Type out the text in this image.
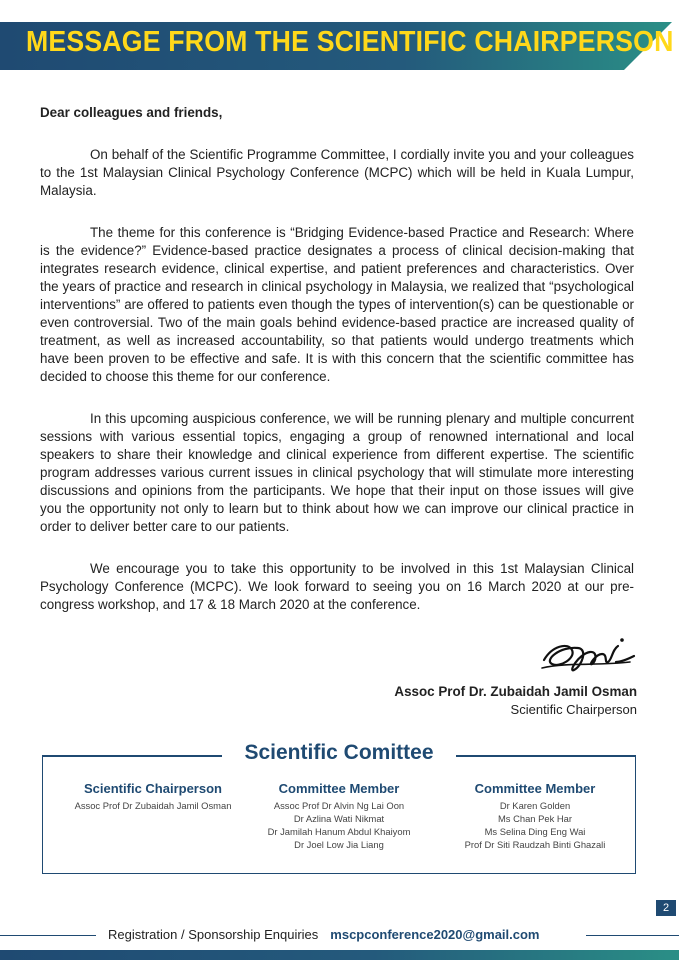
MESSAGE FROM THE SCIENTIFIC CHAIRPERSON

Dear colleagues and friends,

On behalf of the Scientific Programme Committee, I cordially invite you and your colleagues to the 1st Malaysian Clinical Psychology Conference (MCPC) which will be held in Kuala Lumpur, Malaysia.

The theme for this conference is “Bridging Evidence-based Practice and Research: Where is the evidence?” Evidence-based practice designates a process of clinical decision-making that integrates research evidence, clinical expertise, and patient preferences and characteristics. Over the years of practice and research in clinical psychology in Malaysia, we realized that “psychological interventions” are offered to patients even though the types of intervention(s) can be questionable or even controversial. Two of the main goals behind evidence-based practice are increased quality of treatment, as well as increased accountability, so that patients would undergo treatments which have been proven to be effective and safe. It is with this concern that the scientific committee has decided to choose this theme for our conference.

In this upcoming auspicious conference, we will be running plenary and multiple concurrent sessions with various essential topics, engaging a group of renowned international and local speakers to share their knowledge and clinical experience from different expertise. The scientific program addresses various current issues in clinical psychology that will stimulate more interesting discussions and opinions from the participants. We hope that their input on those issues will give you the opportunity not only to learn but to think about how we can improve our clinical practice in order to deliver better care to our patients.

We encourage you to take this opportunity to be involved in this 1st Malaysian Clinical Psychology Conference (MCPC). We look forward to seeing you on 16 March 2020 at our pre-congress workshop, and 17 & 18 March 2020 at the conference.

Assoc Prof Dr. Zubaidah Jamil Osman
Scientific Chairperson
Scientific Comittee
Scientific Chairperson
Assoc Prof Dr Zubaidah Jamil Osman
Committee Member
Assoc Prof Dr Alvin Ng Lai Oon
Dr Azlina Wati Nikmat
Dr Jamilah Hanum Abdul Khaiyom
Dr Joel Low Jia Liang
Committee Member
Dr Karen Golden
Ms Chan Pek Har
Ms Selina Ding Eng Wai
Prof Dr Siti Raudzah Binti Ghazali
2
Registration / Sponsorship Enquiries mscpconference2020@gmail.com
